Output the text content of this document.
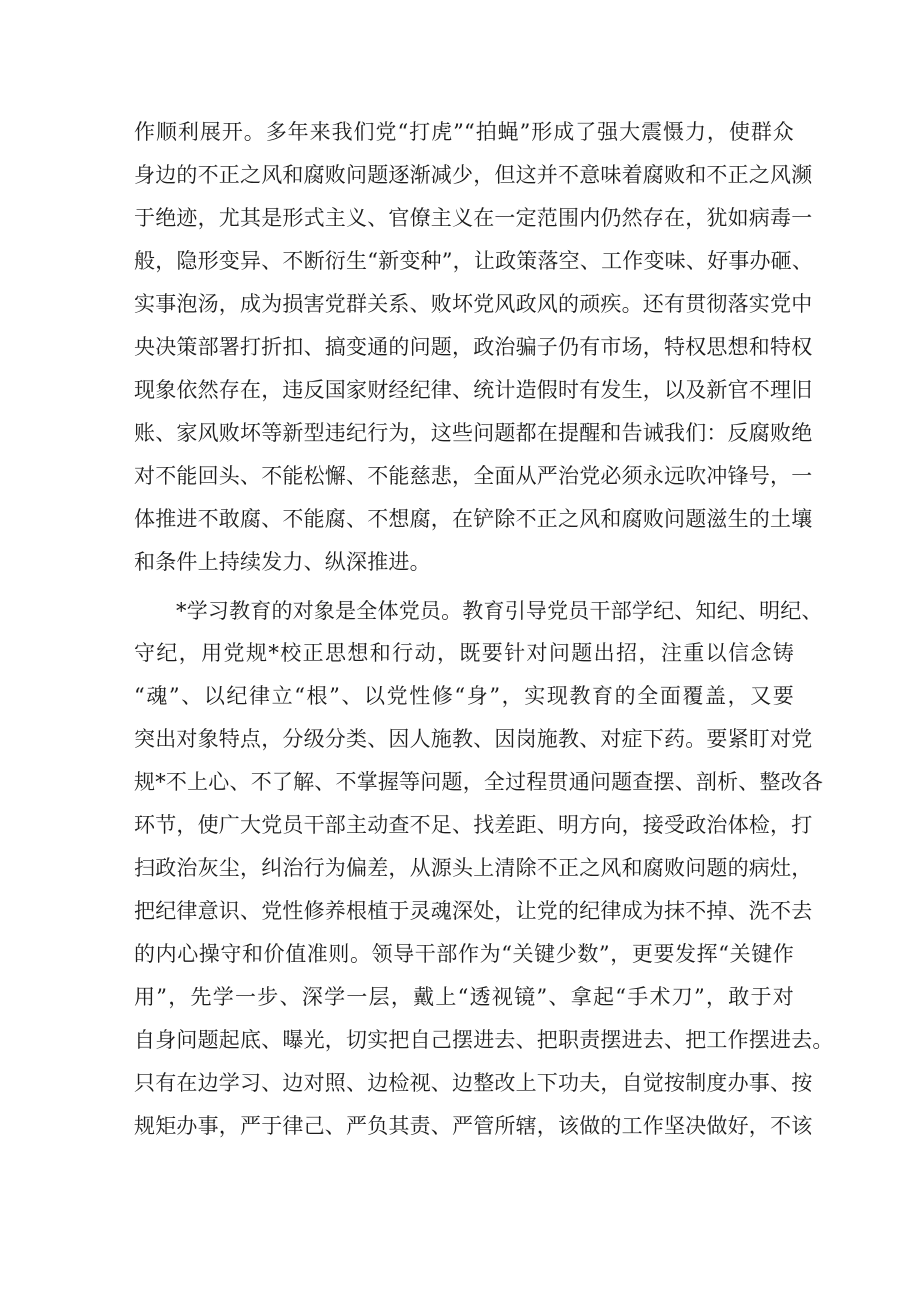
作顺利展开。多年来我们党“打虎”“拍蝇”形成了强大震慑力，使群众
身边的不正之风和腐败问题逐渐减少，但这并不意味着腐败和不正之风濒
于绝迹，尤其是形式主义、官僚主义在一定范围内仍然存在，犹如病毒一
般，隐形变异、不断衍生“新变种”，让政策落空、工作变味、好事办砸、
实事泡汤，成为损害党群关系、败坏党风政风的顽疾。还有贯彻落实党中
央决策部署打折扣、搞变通的问题，政治骗子仍有市场，特权思想和特权
现象依然存在，违反国家财经纪律、统计造假时有发生，以及新官不理旧
账、家风败坏等新型违纪行为，这些问题都在提醒和告诫我们：反腐败绝
对不能回头、不能松懈、不能慈悲，全面从严治党必须永远吹冲锋号，一
体推进不敢腐、不能腐、不想腐，在铲除不正之风和腐败问题滋生的土壤
和条件上持续发力、纵深推进。
*学习教育的对象是全体党员。教育引导党员干部学纪、知纪、明纪、
守纪，用党规*校正思想和行动，既要针对问题出招，注重以信念铸
“魂”、以纪律立“根”、以党性修“身”，实现教育的全面覆盖，又要
突出对象特点，分级分类、因人施教、因岗施教、对症下药。要紧盯对党
规*不上心、不了解、不掌握等问题，全过程贯通问题查摆、剖析、整改各
环节，使广大党员干部主动查不足、找差距、明方向，接受政治体检，打
扫政治灰尘，纠治行为偏差，从源头上清除不正之风和腐败问题的病灶，
把纪律意识、党性修养根植于灵魂深处，让党的纪律成为抹不掉、洗不去
的内心操守和价值准则。领导干部作为“关键少数”，更要发挥“关键作
用”，先学一步、深学一层，戴上“透视镜”、拿起“手术刀”，敢于对
自身问题起底、曝光，切实把自己摆进去、把职责摆进去、把工作摆进去。
只有在边学习、边对照、边检视、边整改上下功夫，自觉按制度办事、按
规矩办事，严于律己、严负其责、严管所辖，该做的工作坚决做好，不该
